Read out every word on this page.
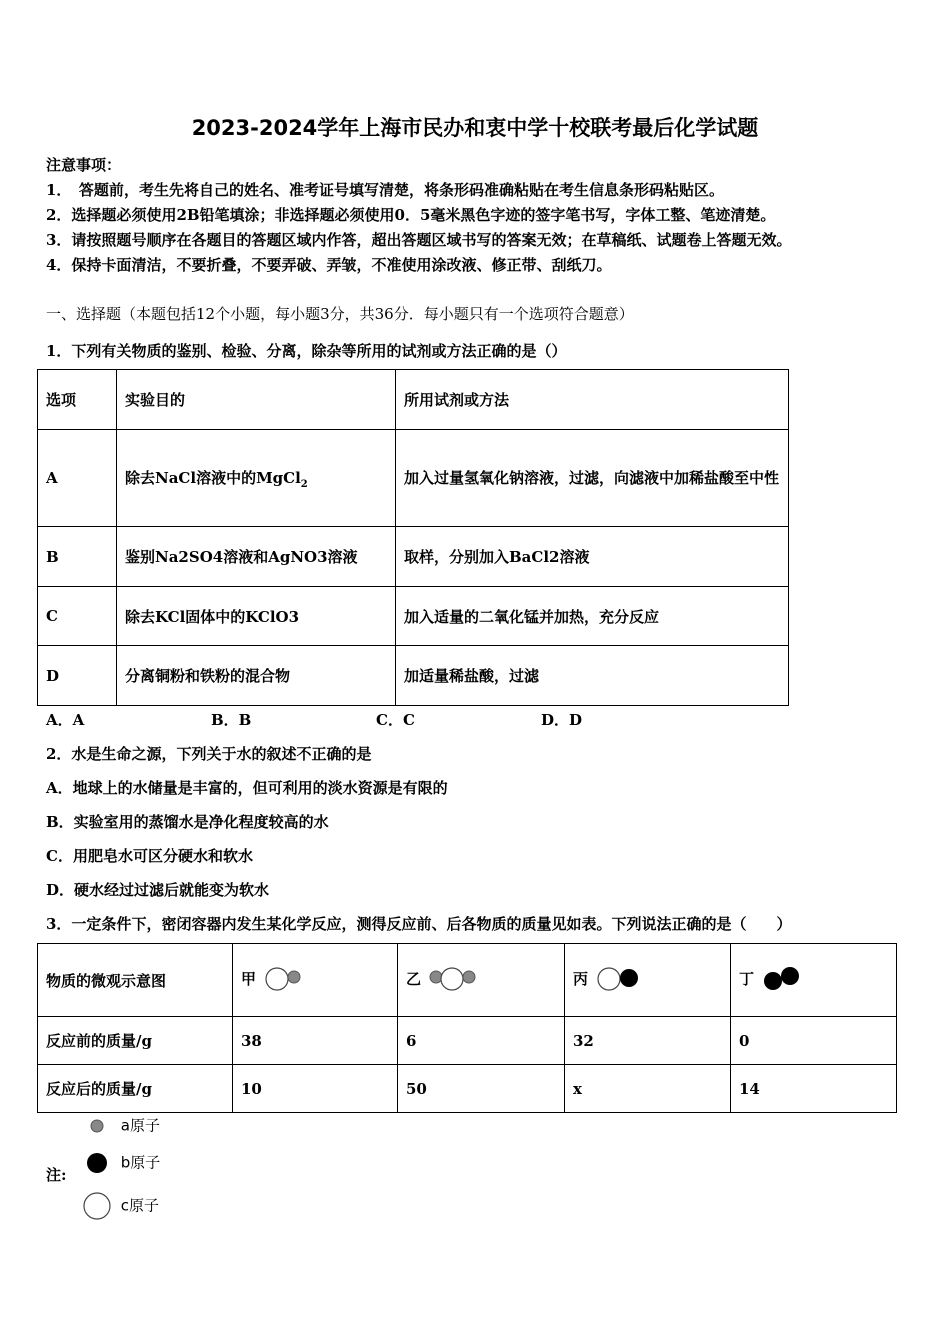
2023-2024学年上海市民办和衷中学十校联考最后化学试题
注意事项：
1．　答题前，考生先将自己的姓名、准考证号填写清楚，将条形码准确粘贴在考生信息条形码粘贴区。
2．选择题必须使用2B铅笔填涂；非选择题必须使用0．5毫米黑色字迹的签字笔书写，字体工整、笔迹清楚。
3．请按照题号顺序在各题目的答题区域内作答，超出答题区域书写的答案无效；在草稿纸、试题卷上答题无效。
4．保持卡面清洁，不要折叠，不要弄破、弄皱，不准使用涂改液、修正带、刮纸刀。
一、选择题（本题包括12个小题，每小题3分，共36分．每小题只有一个选项符合题意）
1．下列有关物质的鉴别、检验、分离，除杂等所用的试剂或方法正确的是（）
选项	实验目的	所用试剂或方法
A	除去NaCl溶液中的MgCl$_2$	加入过量氢氧化钠溶液，过滤，向滤液中加稀盐酸至中性
B	鉴别Na2SO4溶液和AgNO3溶液	取样，分别加入BaCl2溶液
C	除去KCl固体中的KClO3	加入适量的二氧化锰并加热，充分反应
D	分离铜粉和铁粉的混合物	加适量稀盐酸，过滤
A．A	B．B	C．C	D．D
2．水是生命之源，下列关于水的叙述不正确的是
A．地球上的水储量是丰富的，但可利用的淡水资源是有限的
B．实验室用的蒸馏水是净化程度较高的水
C．用肥皂水可区分硬水和软水
D．硬水经过过滤后就能变为软水
3．一定条件下，密闭容器内发生某化学反应，测得反应前、后各物质的质量见如表。下列说法正确的是（　　）
物质的微观示意图	甲	乙	丙	丁
反应前的质量/g	38	6	32	0
反应后的质量/g	10	50	x	14
注:
a原子
b原子
c原子
